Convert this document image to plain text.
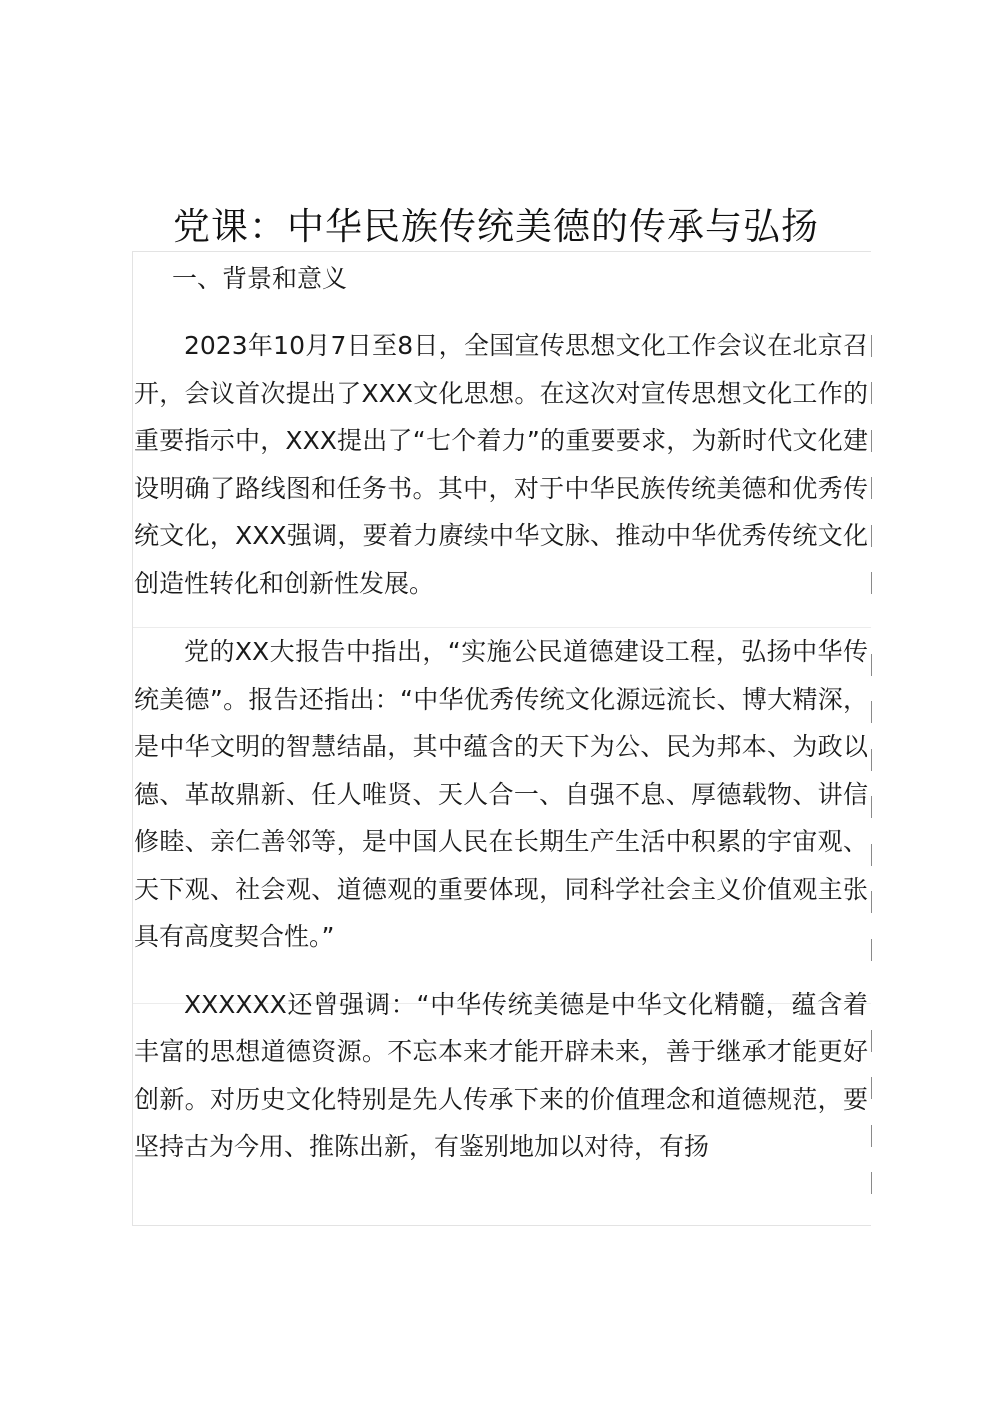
党课：中华民族传统美德的传承与弘扬

一、背景和意义

2023年10月7日至8日，全国宣传思想文化工作会议在北京召开，会议首次提出了XXX文化思想。在这次对宣传思想文化工作的重要指示中，XXX提出了“七个着力”的重要要求，为新时代文化建设明确了路线图和任务书。其中，对于中华民族传统美德和优秀传统文化，XXX强调，要着力赓续中华文脉、推动中华优秀传统文化创造性转化和创新性发展。

党的XX大报告中指出，“实施公民道德建设工程，弘扬中华传统美德”。报告还指出：“中华优秀传统文化源远流长、博大精深，是中华文明的智慧结晶，其中蕴含的天下为公、民为邦本、为政以德、革故鼎新、任人唯贤、天人合一、自强不息、厚德载物、讲信修睦、亲仁善邻等，是中国人民在长期生产生活中积累的宇宙观、天下观、社会观、道德观的重要体现，同科学社会主义价值观主张具有高度契合性。”

XXXXXX还曾强调：“中华传统美德是中华文化精髓，蕴含着丰富的思想道德资源。不忘本来才能开辟未来，善于继承才能更好创新。对历史文化特别是先人传承下来的价值理念和道德规范，要坚持古为今用、推陈出新，有鉴别地加以对待，有扬
